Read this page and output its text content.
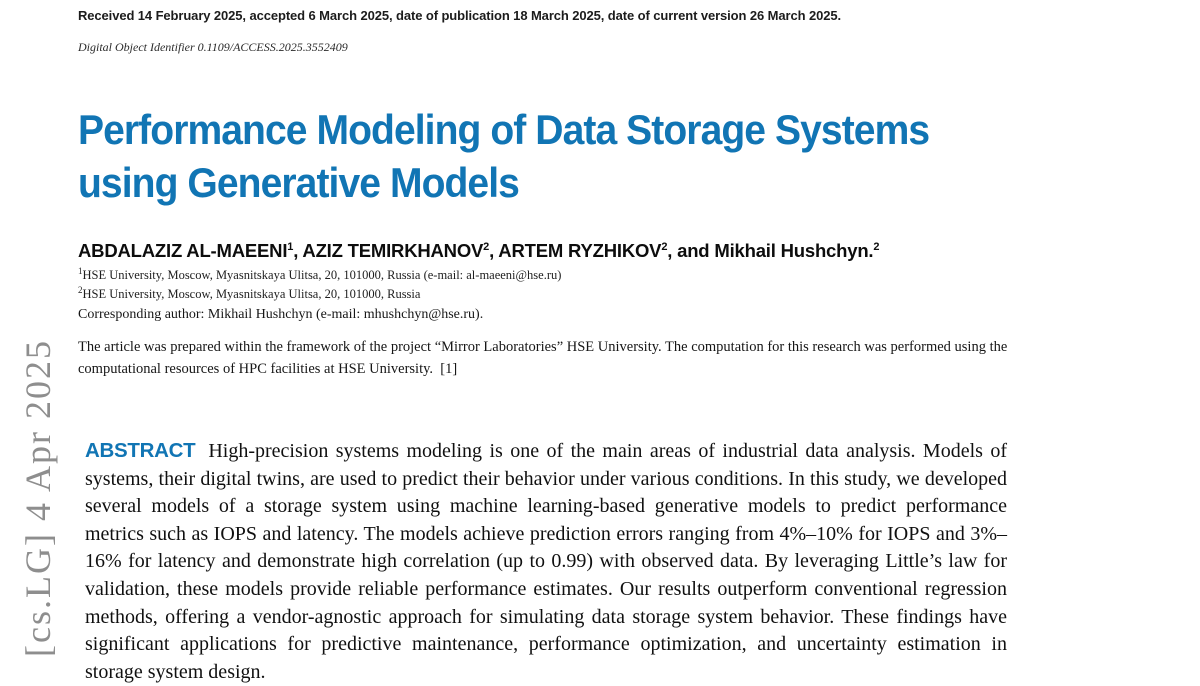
[cs.LG] 4 Apr 2025
Received 14 February 2025, accepted 6 March 2025, date of publication 18 March 2025, date of current version 26 March 2025.
Digital Object Identifier 0.1109/ACCESS.2025.3552409
Performance Modeling of Data Storage Systems
using Generative Models
ABDALAZIZ AL-MAEENI$^1$, AZIZ TEMIRKHANOV$^2$, ARTEM RYZHIKOV$^2$, and Mikhail Hushchyn.$^2$
$^1$HSE University, Moscow, Myasnitskaya Ulitsa, 20, 101000, Russia (e-mail: al-maeeni@hse.ru)
$^2$HSE University, Moscow, Myasnitskaya Ulitsa, 20, 101000, Russia
Corresponding author: Mikhail Hushchyn (e-mail: mhushchyn@hse.ru).
The article was prepared within the framework of the project “Mirror Laboratories” HSE University. The computation for this research was performed using the computational resources of HPC facilities at HSE University.  [1]

ABSTRACT High-precision systems modeling is one of the main areas of industrial data analysis. Models of systems, their digital twins, are used to predict their behavior under various conditions. In this study, we developed several models of a storage system using machine learning-based generative models to predict performance metrics such as IOPS and latency. The models achieve prediction errors ranging from 4%–10% for IOPS and 3%–16% for latency and demonstrate high correlation (up to 0.99) with observed data. By leveraging Little’s law for validation, these models provide reliable performance estimates. Our results outperform conventional regression methods, offering a vendor-agnostic approach for simulating data storage system behavior. These findings have significant applications for predictive maintenance, performance optimization, and uncertainty estimation in storage system design.
